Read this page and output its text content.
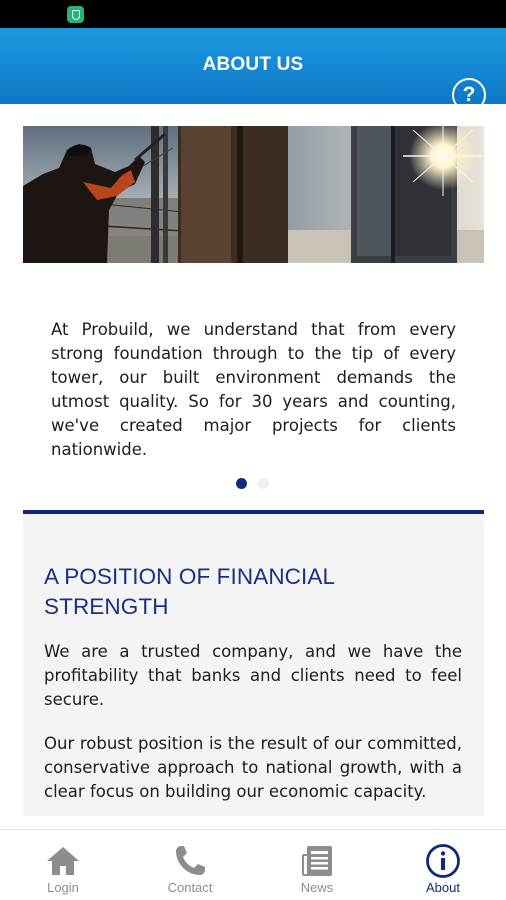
ABOUT US
?
At Probuild, we understand that from every strong foundation through to the tip of every tower, our built environment demands the utmost quality. So for 30 years and counting, we've created major projects for clients nationwide.
A POSITION OF FINANCIAL STRENGTH
We are a trusted company, and we have the profitability that banks and clients need to feel secure.
Our robust position is the result of our committed, conservative approach to national growth, with a clear focus on building our economic capacity.
Login	Contact	News	About
